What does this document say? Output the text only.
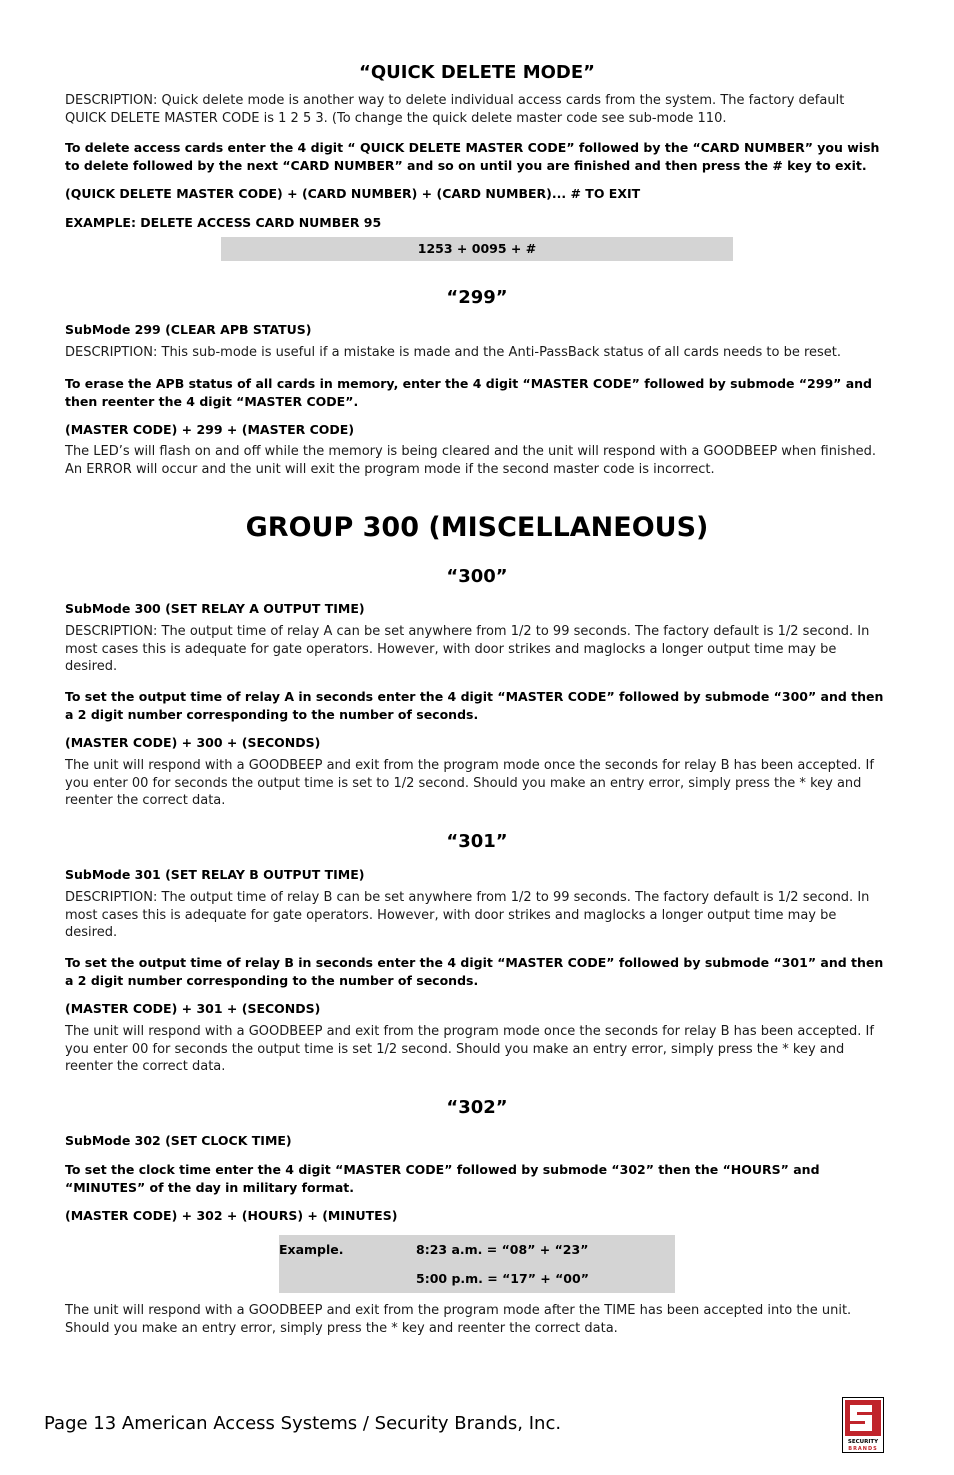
“QUICK DELETE MODE”

DESCRIPTION: Quick delete mode is another way to delete individual access cards from the system. The factory default QUICK DELETE MASTER CODE is 1 2 5 3. (To change the quick delete master code see sub-mode 110.

To delete access cards enter the 4 digit “ QUICK DELETE MASTER CODE” followed by the “CARD NUMBER” you wish to delete followed by the next “CARD NUMBER” and so on until you are finished and then press the # key to exit.

(QUICK DELETE MASTER CODE) + (CARD NUMBER) + (CARD NUMBER)... # TO EXIT

EXAMPLE: DELETE ACCESS CARD NUMBER 95

1253 + 0095 + #
“299”

SubMode 299 (CLEAR APB STATUS)

DESCRIPTION: This sub-mode is useful if a mistake is made and the Anti-PassBack status of all cards needs to be reset.

To erase the APB status of all cards in memory, enter the 4 digit “MASTER CODE” followed by submode “299” and then reenter the 4 digit “MASTER CODE”.

(MASTER CODE) + 299 + (MASTER CODE)

The LED’s will flash on and off while the memory is being cleared and the unit will respond with a GOODBEEP when finished. An ERROR will occur and the unit will exit the program mode if the second master code is incorrect.

GROUP 300 (MISCELLANEOUS)
“300”

SubMode 300 (SET RELAY A OUTPUT TIME)

DESCRIPTION: The output time of relay A can be set anywhere from 1/2 to 99 seconds. The factory default is 1/2 second. In most cases this is adequate for gate operators. However, with door strikes and maglocks a longer output time may be desired.

To set the output time of relay A in seconds enter the 4 digit “MASTER CODE” followed by submode “300” and then a 2 digit number corresponding to the number of seconds.

(MASTER CODE) + 300 + (SECONDS)

The unit will respond with a GOODBEEP and exit from the program mode once the seconds for relay B has been accepted. If you enter 00 for seconds the output time is set to 1/2 second. Should you make an entry error, simply press the * key and reenter the correct data.

“301”

SubMode 301 (SET RELAY B OUTPUT TIME)

DESCRIPTION: The output time of relay B can be set anywhere from 1/2 to 99 seconds. The factory default is 1/2 second. In most cases this is adequate for gate operators. However, with door strikes and maglocks a longer output time may be desired.

To set the output time of relay B in seconds enter the 4 digit “MASTER CODE” followed by submode “301” and then a 2 digit number corresponding to the number of seconds.

(MASTER CODE) + 301 + (SECONDS)

The unit will respond with a GOODBEEP and exit from the program mode once the seconds for relay B has been accepted. If you enter 00 for seconds the output time is set 1/2 second. Should you make an entry error, simply press the * key and reenter the correct data.

“302”

SubMode 302 (SET CLOCK TIME)

To set the clock time enter the 4 digit “MASTER CODE” followed by submode “302” then the “HOURS” and “MINUTES” of the day in military format.

(MASTER CODE) + 302 + (HOURS) + (MINUTES)

Example.	8:23 a.m. = “08” + “23”
5:00 p.m. = “17” + “00”

The unit will respond with a GOODBEEP and exit from the program mode after the TIME has been accepted into the unit. Should you make an entry error, simply press the * key and reenter the correct data.

Page 13 American Access Systems / Security Brands, Inc.
SECURITY
BRANDS
